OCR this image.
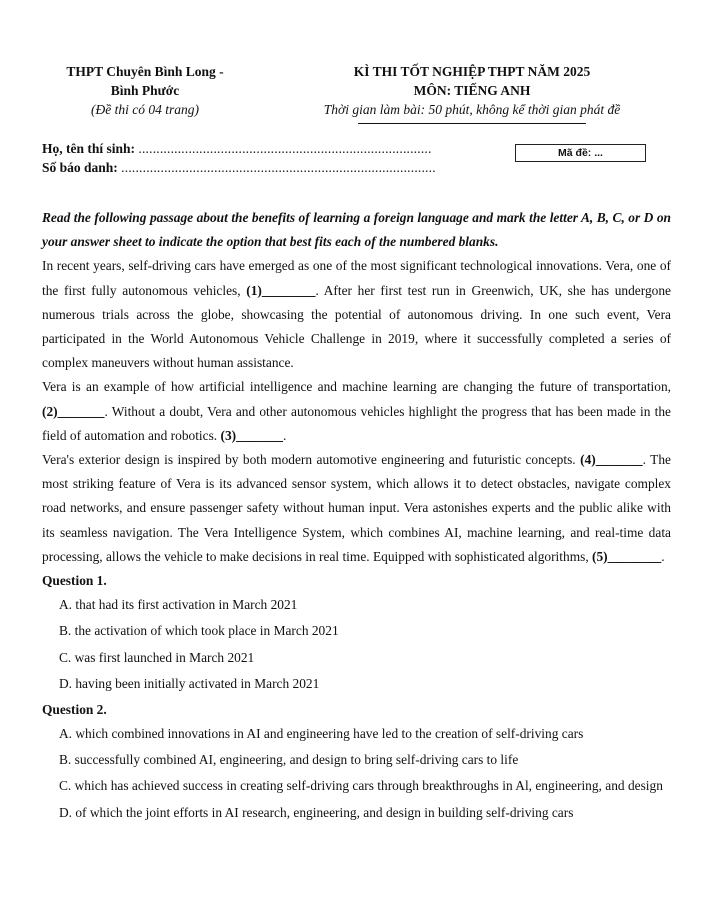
THPT Chuyên Bình Long -
Bình Phước
(Đề thi có 04 trang)
KÌ THI TỐT NGHIỆP THPT NĂM 2025
MÔN: TIẾNG ANH
Thời gian làm bài: 50 phút, không kể thời gian phát đề
Họ, tên thí sinh: ..................................................................................
Số báo danh: ........................................................................................
Mã đề: ...
Read the following passage about the benefits of learning a foreign language and mark the letter A, B, C, or D on your answer sheet to indicate the option that best fits each of the numbered blanks.

In recent years, self-driving cars have emerged as one of the most significant technological innovations. Vera, one of the first fully autonomous vehicles, (1)________. After her first test run in Greenwich, UK, she has undergone numerous trials across the globe, showcasing the potential of autonomous driving. In one such event, Vera participated in the World Autonomous Vehicle Challenge in 2019, where it successfully completed a series of complex maneuvers without human assistance.

Vera is an example of how artificial intelligence and machine learning are changing the future of transportation, (2)_______. Without a doubt, Vera and other autonomous vehicles highlight the progress that has been made in the field of automation and robotics. (3)_______.

Vera's exterior design is inspired by both modern automotive engineering and futuristic concepts. (4)_______. The most striking feature of Vera is its advanced sensor system, which allows it to detect obstacles, navigate complex road networks, and ensure passenger safety without human input. Vera astonishes experts and the public alike with its seamless navigation. The Vera Intelligence System, which combines AI, machine learning, and real-time data processing, allows the vehicle to make decisions in real time. Equipped with sophisticated algorithms, (5)________.

Question 1.

A. that had its first activation in March 2021

B. the activation of which took place in March 2021

C. was first launched in March 2021

D. having been initially activated in March 2021

Question 2.

A. which combined innovations in AI and engineering have led to the creation of self-driving cars

B. successfully combined AI, engineering, and design to bring self-driving cars to life

C. which has achieved success in creating self-driving cars through breakthroughs in Al, engineering, and design

D. of which the joint efforts in AI research, engineering, and design in building self-driving cars
